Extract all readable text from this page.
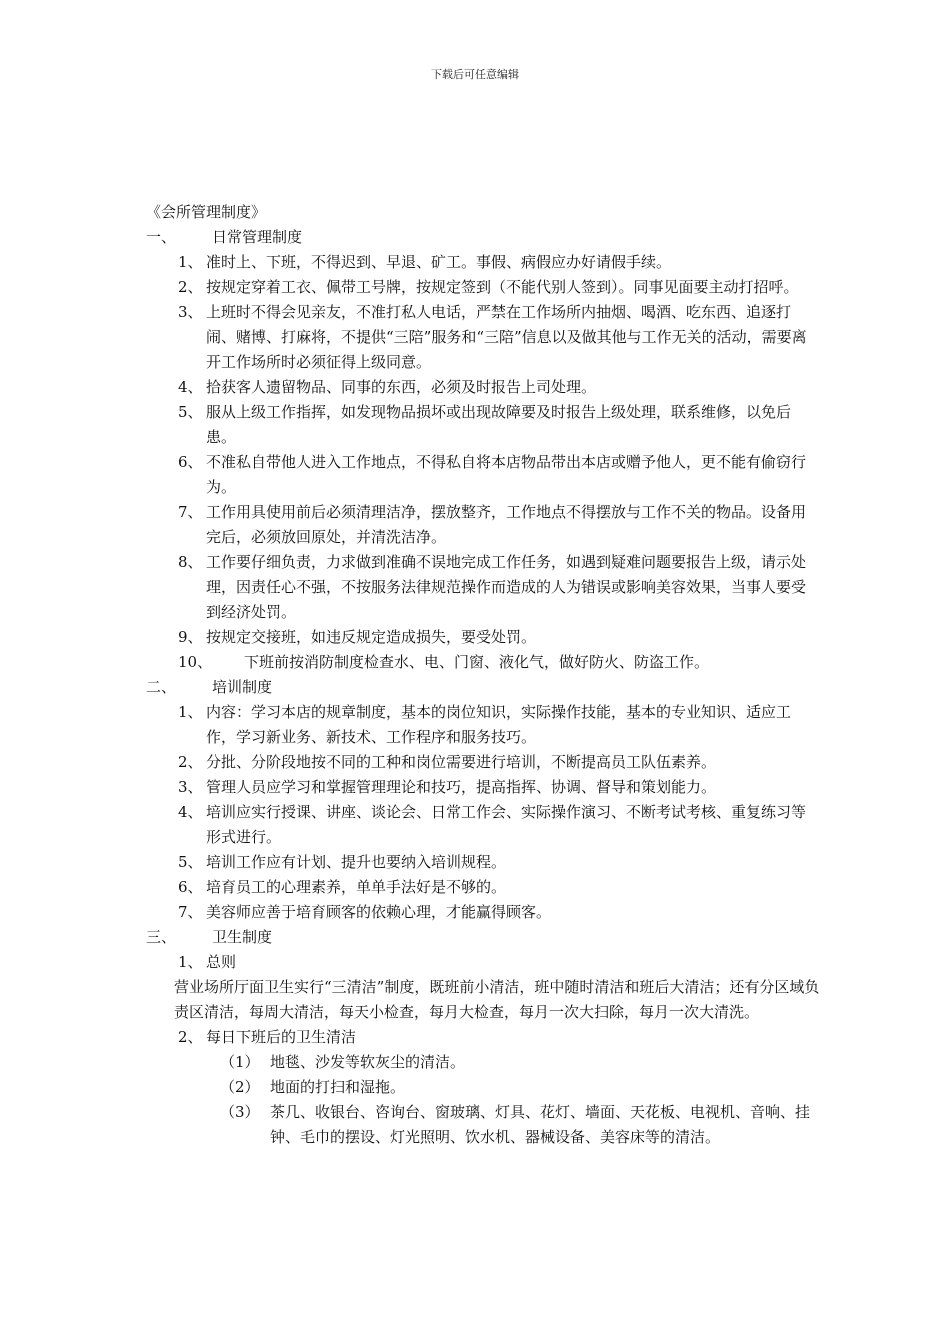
下载后可任意编辑
《会所管理制度》
一、 日常管理制度
1、 准时上、下班，不得迟到、早退、矿工。事假、病假应办好请假手续。
2、 按规定穿着工衣、佩带工号牌，按规定签到（不能代别人签到）。同事见面要主动打招呼。
3、 上班时不得会见亲友，不准打私人电话，严禁在工作场所内抽烟、喝酒、吃东西、追逐打闹、赌博、打麻将，不提供“三陪”服务和“三陪”信息以及做其他与工作无关的活动，需要离开工作场所时必须征得上级同意。
4、 拾获客人遗留物品、同事的东西，必须及时报告上司处理。
5、 服从上级工作指挥，如发现物品损坏或出现故障要及时报告上级处理，联系维修，以免后患。
6、 不准私自带他人进入工作地点，不得私自将本店物品带出本店或赠予他人，更不能有偷窃行为。
7、 工作用具使用前后必须清理洁净，摆放整齐，工作地点不得摆放与工作不关的物品。设备用完后，必须放回原处，并清洗洁净。
8、 工作要仔细负责，力求做到准确不误地完成工作任务，如遇到疑难问题要报告上级，请示处理，因责任心不强，不按服务法律规范操作而造成的人为错误或影响美容效果，当事人要受到经济处罚。
9、 按规定交接班，如违反规定造成损失，要受处罚。
10、 下班前按消防制度检查水、电、门窗、液化气，做好防火、防盗工作。
二、 培训制度
1、 内容：学习本店的规章制度，基本的岗位知识，实际操作技能，基本的专业知识、适应工作，学习新业务、新技术、工作程序和服务技巧。
2、 分批、分阶段地按不同的工种和岗位需要进行培训，不断提高员工队伍素养。
3、 管理人员应学习和掌握管理理论和技巧，提高指挥、协调、督导和策划能力。
4、 培训应实行授课、讲座、谈论会、日常工作会、实际操作演习、不断考试考核、重复练习等形式进行。
5、 培训工作应有计划、提升也要纳入培训规程。
6、 培育员工的心理素养，单单手法好是不够的。
7、 美容师应善于培育顾客的依赖心理，才能赢得顾客。
三、 卫生制度
1、 总则
营业场所厅面卫生实行“三清洁”制度，既班前小清洁，班中随时清洁和班后大清洁；还有分区域负责区清洁，每周大清洁，每天小检查，每月大检查，每月一次大扫除，每月一次大清洗。
2、 每日下班后的卫生清洁
（1） 地毯、沙发等软灰尘的清洁。
（2） 地面的打扫和湿拖。
（3） 茶几、收银台、咨询台、窗玻璃、灯具、花灯、墙面、天花板、电视机、音响、挂钟、毛巾的摆设、灯光照明、饮水机、器械设备、美容床等的清洁。
